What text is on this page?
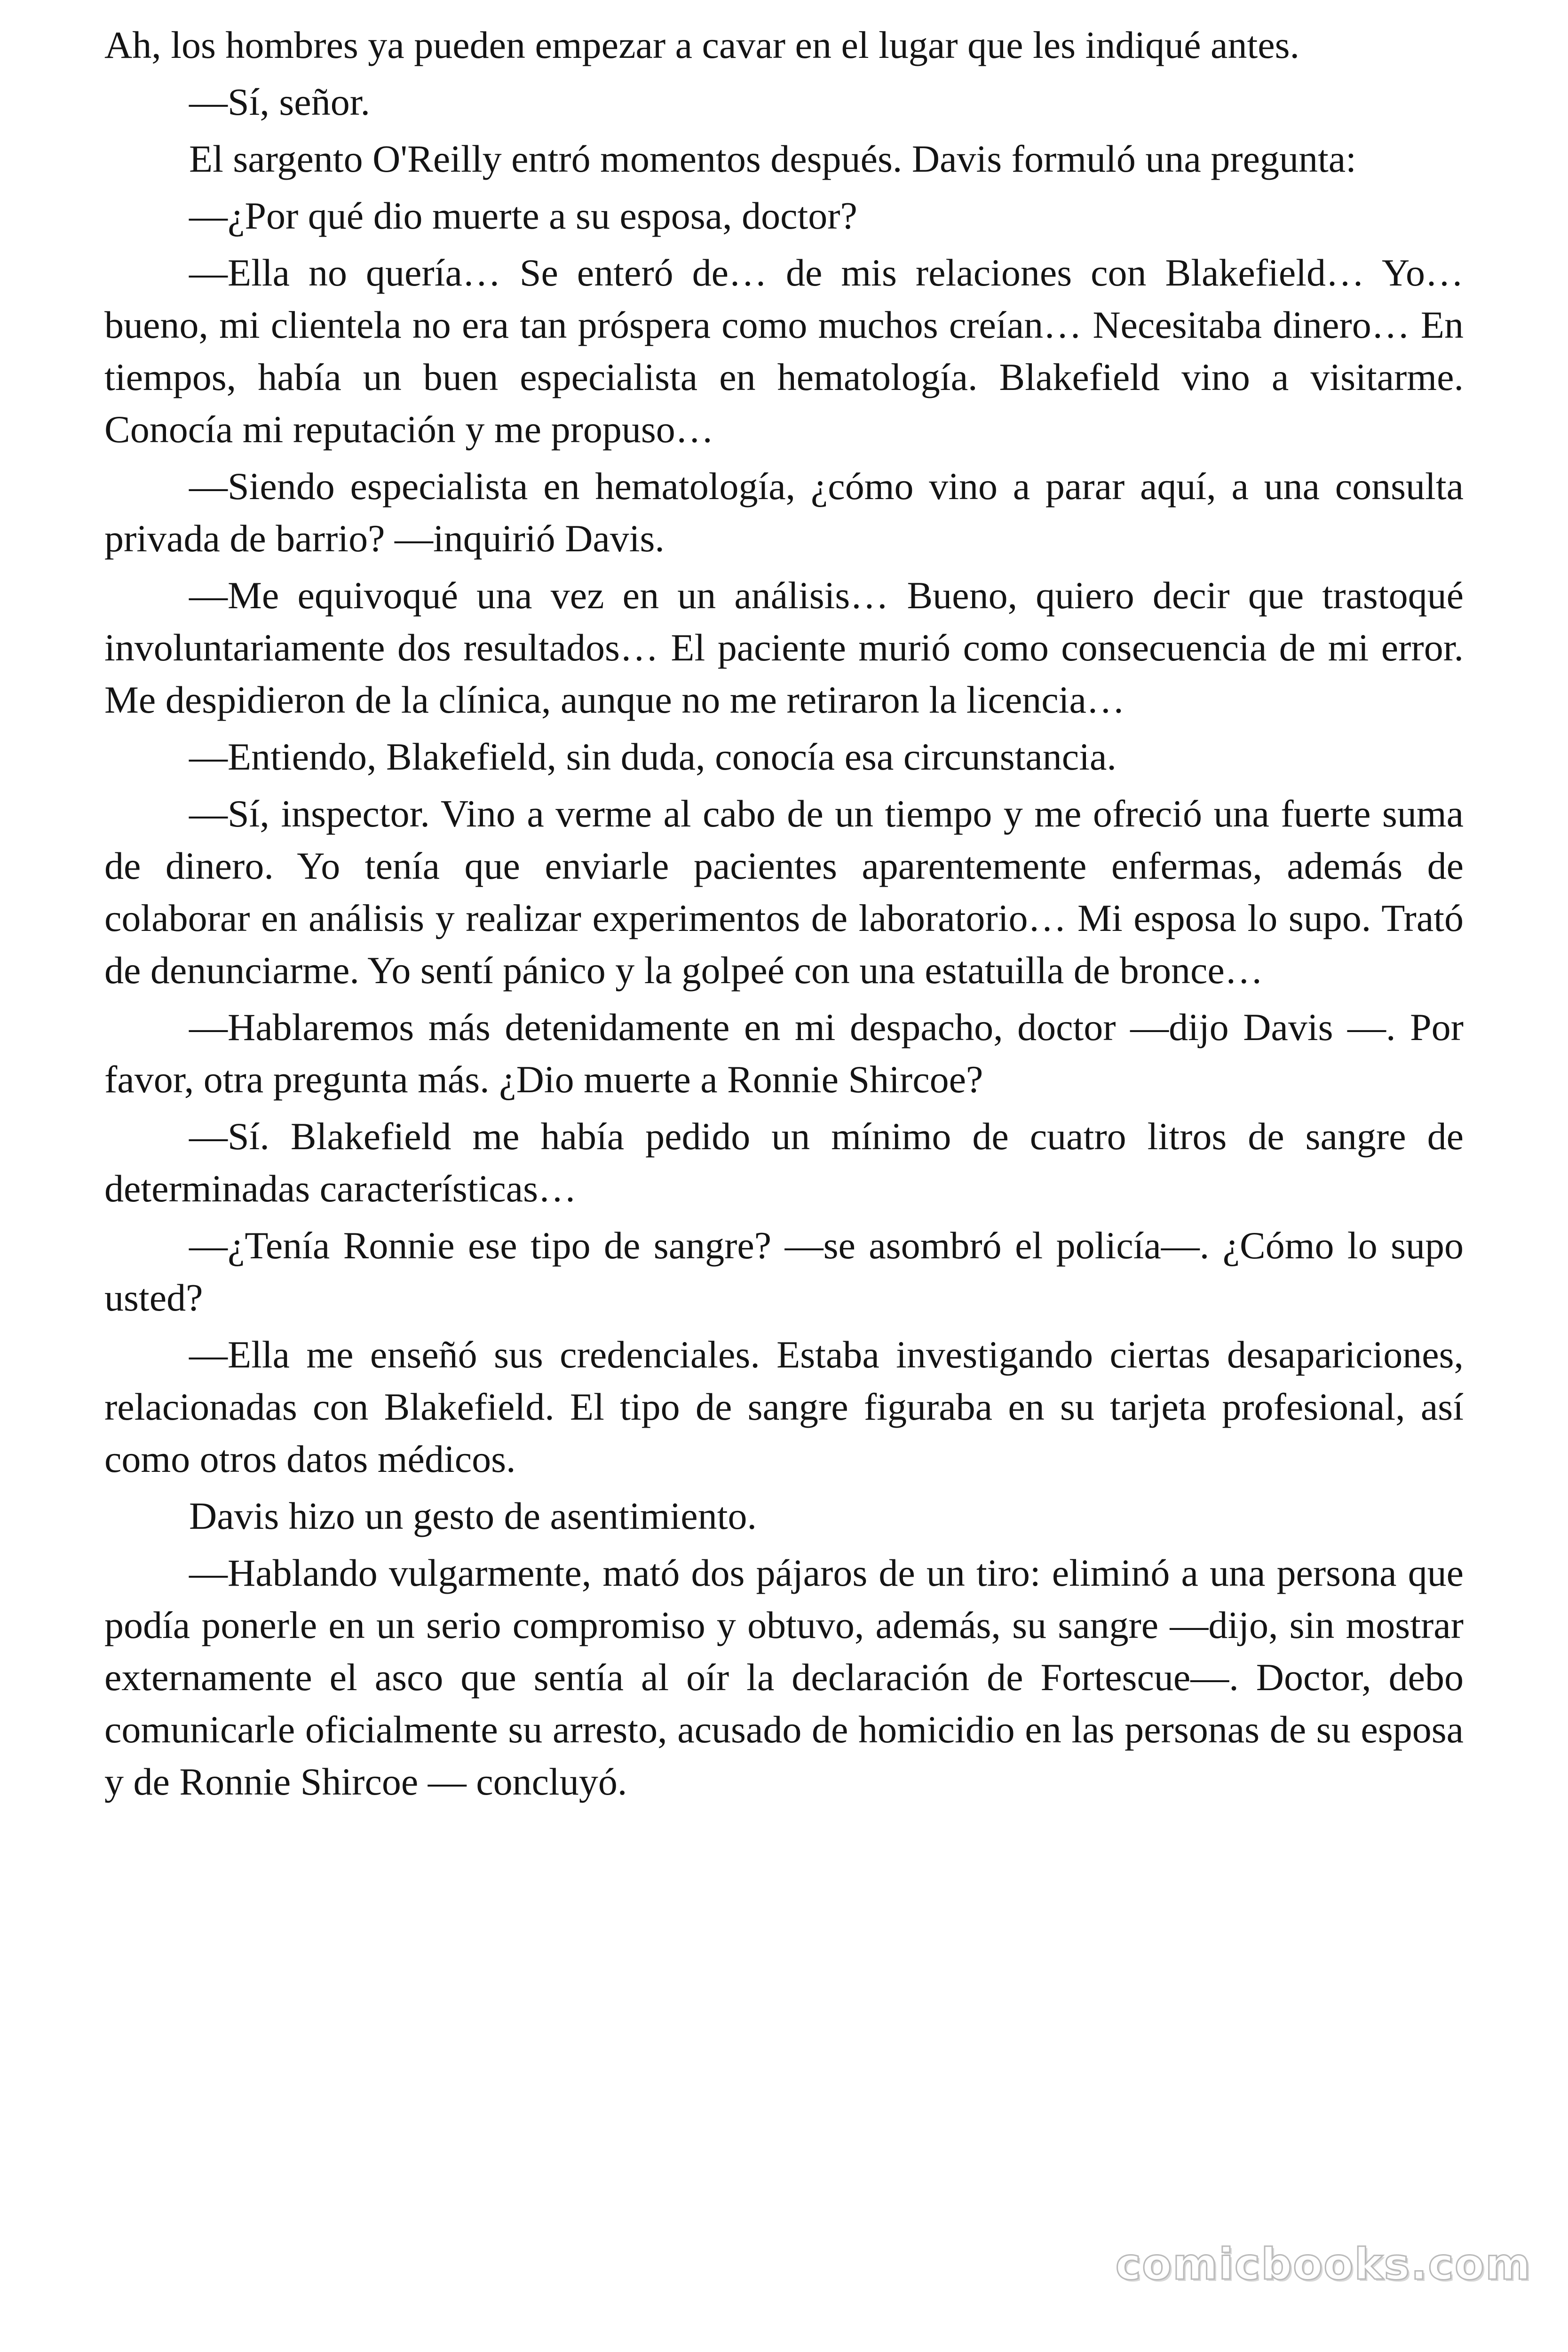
Ah, los hombres ya pueden empezar a cavar en el lugar que les indiqué antes.

—Sí, señor.

El sargento O'Reilly entró momentos después. Davis formuló una pregunta:

—¿Por qué dio muerte a su esposa, doctor?

—Ella no quería… Se enteró de… de mis relaciones con Blakefield… Yo… bueno, mi clientela no era tan próspera como muchos creían… Necesitaba dinero… En tiempos, había un buen especialista en hematología. Blakefield vino a visitarme. Conocía mi reputación y me propuso…

—Siendo especialista en hematología, ¿cómo vino a parar aquí, a una consulta privada de barrio? —inquirió Davis.

—Me equivoqué una vez en un análisis… Bueno, quiero decir que trastoqué involuntariamente dos resultados… El paciente murió como consecuencia de mi error. Me despidieron de la clínica, aunque no me retiraron la licencia…

—Entiendo, Blakefield, sin duda, conocía esa circunstancia.

—Sí, inspector. Vino a verme al cabo de un tiempo y me ofreció una fuerte suma de dinero. Yo tenía que enviarle pacientes aparentemente enfermas, además de colaborar en análisis y realizar experimentos de laboratorio… Mi esposa lo supo. Trató de denunciarme. Yo sentí pánico y la golpeé con una estatuilla de bronce…

—Hablaremos más detenidamente en mi despacho, doctor —dijo Davis —. Por favor, otra pregunta más. ¿Dio muerte a Ronnie Shircoe?

—Sí. Blakefield me había pedido un mínimo de cuatro litros de sangre de determinadas características…

—¿Tenía Ronnie ese tipo de sangre? —se asombró el policía—. ¿Cómo lo supo usted?

—Ella me enseñó sus credenciales. Estaba investigando ciertas desapariciones, relacionadas con Blakefield. El tipo de sangre figuraba en su tarjeta profesional, así como otros datos médicos.

Davis hizo un gesto de asentimiento.

—Hablando vulgarmente, mató dos pájaros de un tiro: eliminó a una persona que podía ponerle en un serio compromiso y obtuvo, además, su sangre —dijo, sin mostrar externamente el asco que sentía al oír la declaración de Fortescue—. Doctor, debo comunicarle oficialmente su arresto, acusado de homicidio en las personas de su esposa y de Ronnie Shircoe — concluyó.

comicbooks.com
